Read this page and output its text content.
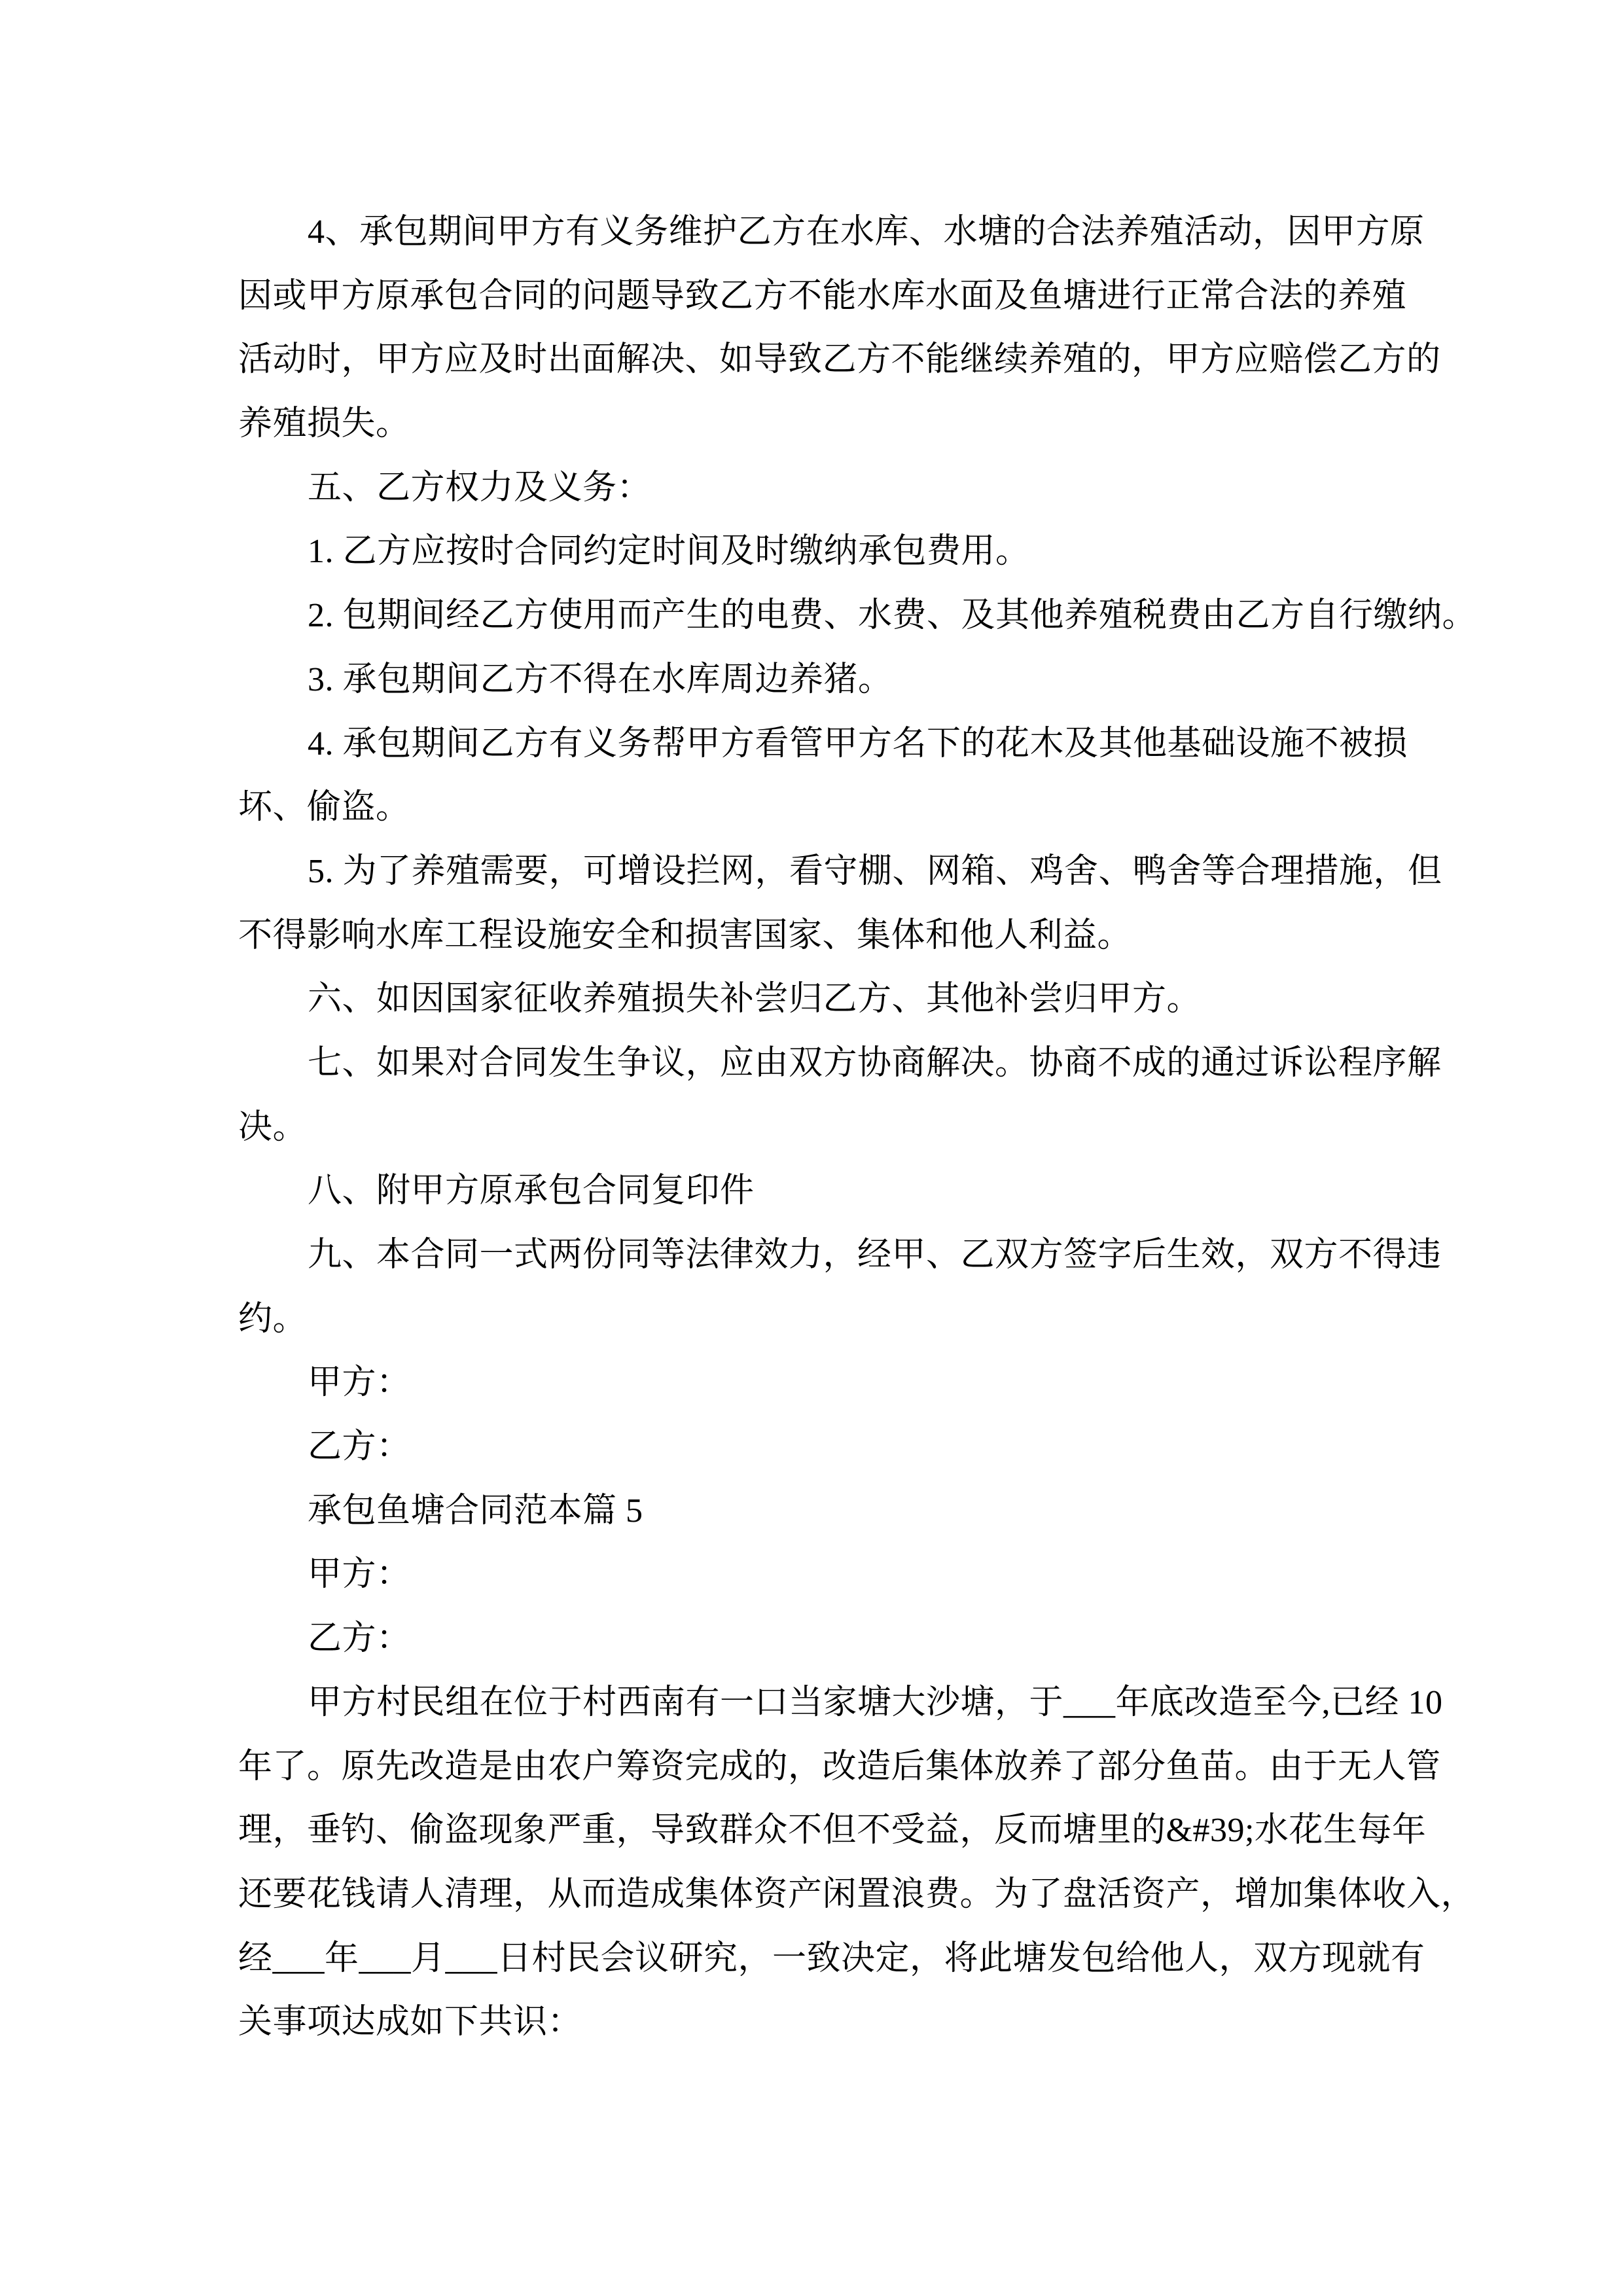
4、承包期间甲方有义务维护乙方在水库、水塘的合法养殖活动，因甲方原
因或甲方原承包合同的问题导致乙方不能水库水面及鱼塘进行正常合法的养殖
活动时，甲方应及时出面解决、如导致乙方不能继续养殖的，甲方应赔偿乙方的
养殖损失。
五、乙方权力及义务：
1. 乙方应按时合同约定时间及时缴纳承包费用。
2. 包期间经乙方使用而产生的电费、水费、及其他养殖税费由乙方自行缴纳。
3. 承包期间乙方不得在水库周边养猪。
4. 承包期间乙方有义务帮甲方看管甲方名下的花木及其他基础设施不被损
坏、偷盗。
5. 为了养殖需要，可增设拦网，看守棚、网箱、鸡舍、鸭舍等合理措施，但
不得影响水库工程设施安全和损害国家、集体和他人利益。
六、如因国家征收养殖损失补尝归乙方、其他补尝归甲方。
七、如果对合同发生争议，应由双方协商解决。协商不成的通过诉讼程序解
决。
八、附甲方原承包合同复印件
九、本合同一式两份同等法律效力，经甲、乙双方签字后生效，双方不得违
约。
甲方：
乙方：
承包鱼塘合同范本篇 5
甲方：
乙方：
甲方村民组在位于村西南有一口当家塘大沙塘，于___年底改造至今,已经 10
年了。原先改造是由农户筹资完成的，改造后集体放养了部分鱼苗。由于无人管
理，垂钓、偷盗现象严重，导致群众不但不受益，反而塘里的&#39;水花生每年
还要花钱请人清理，从而造成集体资产闲置浪费。为了盘活资产，增加集体收入，
经___年___月___日村民会议研究，一致决定，将此塘发包给他人，双方现就有
关事项达成如下共识：
